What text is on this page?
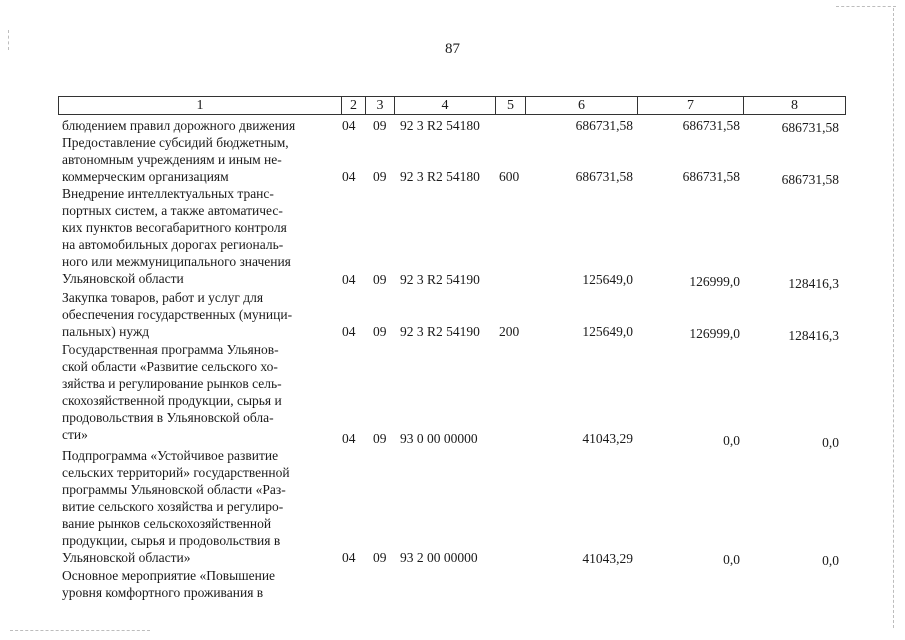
87
1	2	3	4	5	6	7	8
блюдением правил дорожного движения	04 09 92 3 R2 54180	686731,58	686731,58	686731,58
Предоставление субсидий бюджетным,
автономным учреждениям и иным не-
коммерческим организациям	04 09 92 3 R2 54180 600	686731,58	686731,58	686731,58
Внедрение интеллектуальных транс-
портных систем, а также автоматичес-
ких пунктов весогабаритного контроля
на автомобильных дорогах региональ-
ного или межмуниципального значения
Ульяновской области	04 09 92 3 R2 54190	125649,0	126999,0	128416,3
Закупка товаров, работ и услуг для
обеспечения государственных (муници-
пальных) нужд	04 09 92 3 R2 54190 200	125649,0	126999,0	128416,3
Государственная программа Ульянов-
ской области «Развитие сельского хо-
зяйства и регулирование рынков сель-
скохозяйственной продукции, сырья и
продовольствия в Ульяновской обла-
сти»	04 09 93 0 00 00000	41043,29	0,0	0,0
Подпрограмма «Устойчивое развитие
сельских территорий» государственной
программы Ульяновской области «Раз-
витие сельского хозяйства и регулиро-
вание рынков сельскохозяйственной
продукции, сырья и продовольствия в
Ульяновской области»	04 09 93 2 00 00000	41043,29	0,0	0,0
Основное мероприятие «Повышение
уровня комфортного проживания в
